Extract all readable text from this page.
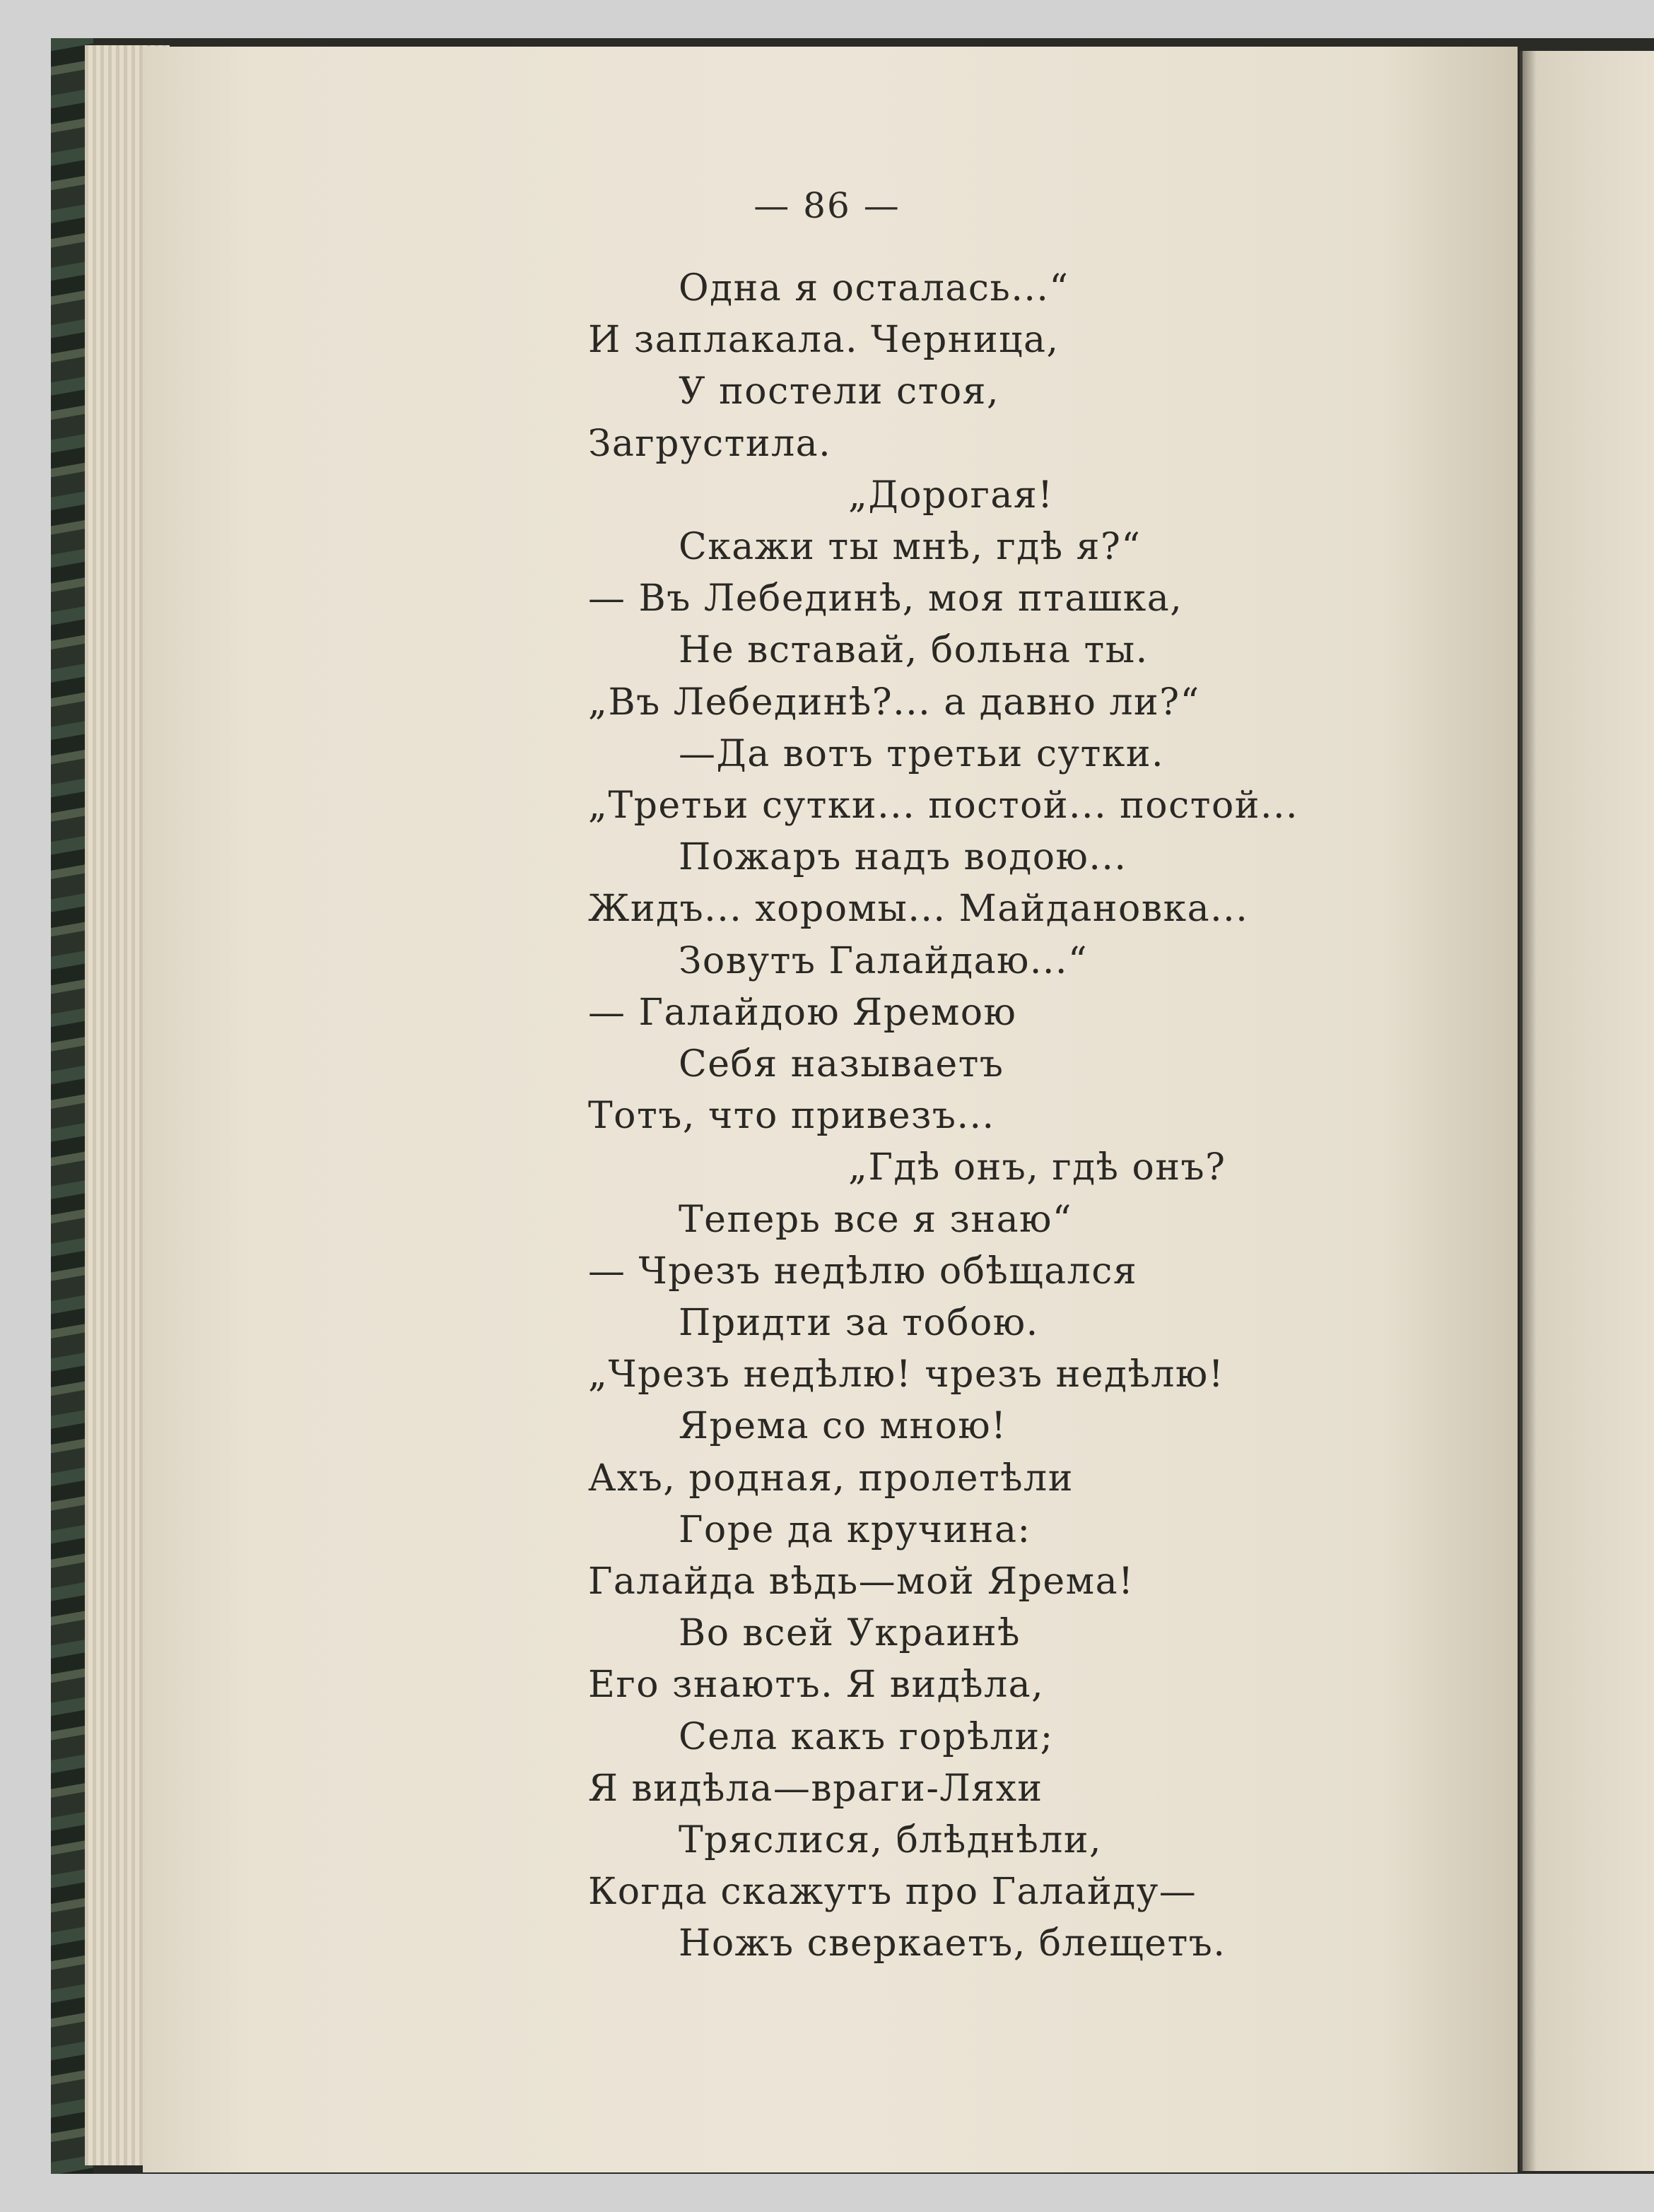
— 86 —
Одна я осталась...“
И заплакала. Черница,
У постели стоя,
Загрустила.
„Дорогая!
Скажи ты мнѣ, гдѣ я?“
— Въ Лебединѣ, моя пташка,
Не вставай, больна ты.
„Въ Лебединѣ?... а давно ли?“
—Да вотъ третьи сутки.
„Третьи сутки... постой... постой...
Пожаръ надъ водою...
Жидъ... хоромы... Майдановка...
Зовутъ Галайдаю...“
— Галайдою Яремою
Себя называетъ
Тотъ, что привезъ...
„Гдѣ онъ, гдѣ онъ?
Теперь все я знаю“
— Чрезъ недѣлю обѣщался
Придти за тобою.
„Чрезъ недѣлю! чрезъ недѣлю!
Ярема со мною!
Ахъ, родная, пролетѣли
Горе да кручина:
Галайда вѣдь—мой Ярема!
Во всей Украинѣ
Его знаютъ. Я видѣла,
Села какъ горѣли;
Я видѣла—враги-Ляхи
Тряслися, блѣднѣли,
Когда скажутъ про Галайду—
Ножъ сверкаетъ, блещетъ.
